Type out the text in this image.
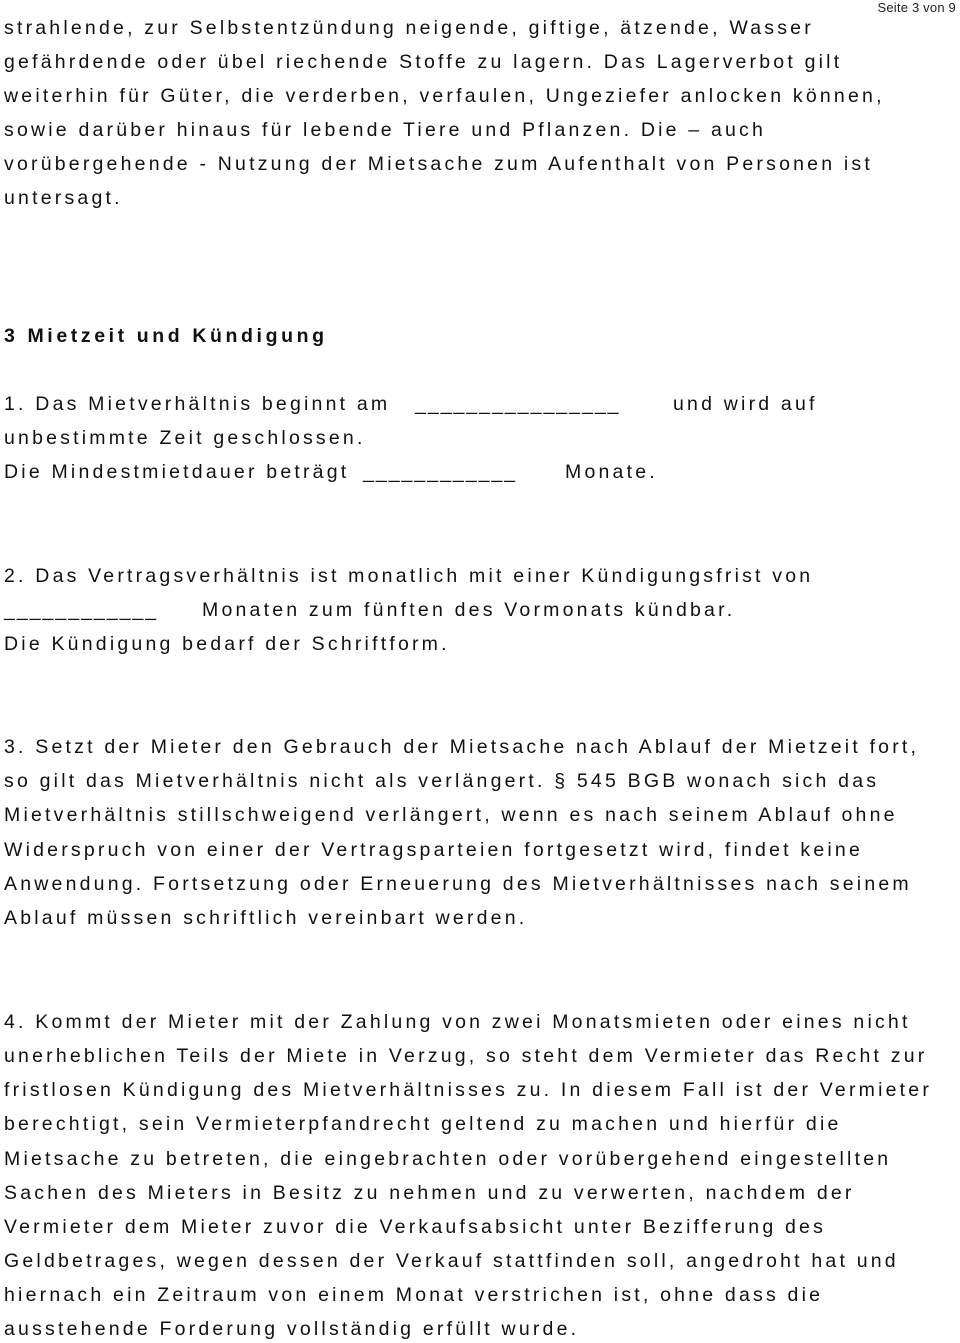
Seite 3 von 9
strahlende, zur Selbstentzündung neigende, giftige, ätzende, Wasser
gefährdende oder übel riechende Stoffe zu lagern. Das Lagerverbot gilt
weiterhin für Güter, die verderben, verfaulen, Ungeziefer anlocken können,
sowie darüber hinaus für lebende Tiere und Pflanzen. Die – auch
vorübergehende - Nutzung der Mietsache zum Aufenthalt von Personen ist
untersagt.
3 Mietzeit und Kündigung
1. Das Mietverhältnis beginnt am ________________	und wird auf
unbestimmte Zeit geschlossen.
Die Mindestmietdauer beträgt ____________ Monate.
2. Das Vertragsverhältnis ist monatlich mit einer Kündigungsfrist von
____________ Monaten zum fünften des Vormonats kündbar.
Die Kündigung bedarf der Schriftform.
3. Setzt der Mieter den Gebrauch der Mietsache nach Ablauf der Mietzeit fort,
so gilt das Mietverhältnis nicht als verlängert. § 545 BGB wonach sich das
Mietverhältnis stillschweigend verlängert, wenn es nach seinem Ablauf ohne
Widerspruch von einer der Vertragsparteien fortgesetzt wird, findet keine
Anwendung. Fortsetzung oder Erneuerung des Mietverhältnisses nach seinem
Ablauf müssen schriftlich vereinbart werden.
4. Kommt der Mieter mit der Zahlung von zwei Monatsmieten oder eines nicht
unerheblichen Teils der Miete in Verzug, so steht dem Vermieter das Recht zur
fristlosen Kündigung des Mietverhältnisses zu. In diesem Fall ist der Vermieter
berechtigt, sein Vermieterpfandrecht geltend zu machen und hierfür die
Mietsache zu betreten, die eingebrachten oder vorübergehend eingestellten
Sachen des Mieters in Besitz zu nehmen und zu verwerten, nachdem der
Vermieter dem Mieter zuvor die Verkaufsabsicht unter Bezifferung des
Geldbetrages, wegen dessen der Verkauf stattfinden soll, angedroht hat und
hiernach ein Zeitraum von einem Monat verstrichen ist, ohne dass die
ausstehende Forderung vollständig erfüllt wurde.
